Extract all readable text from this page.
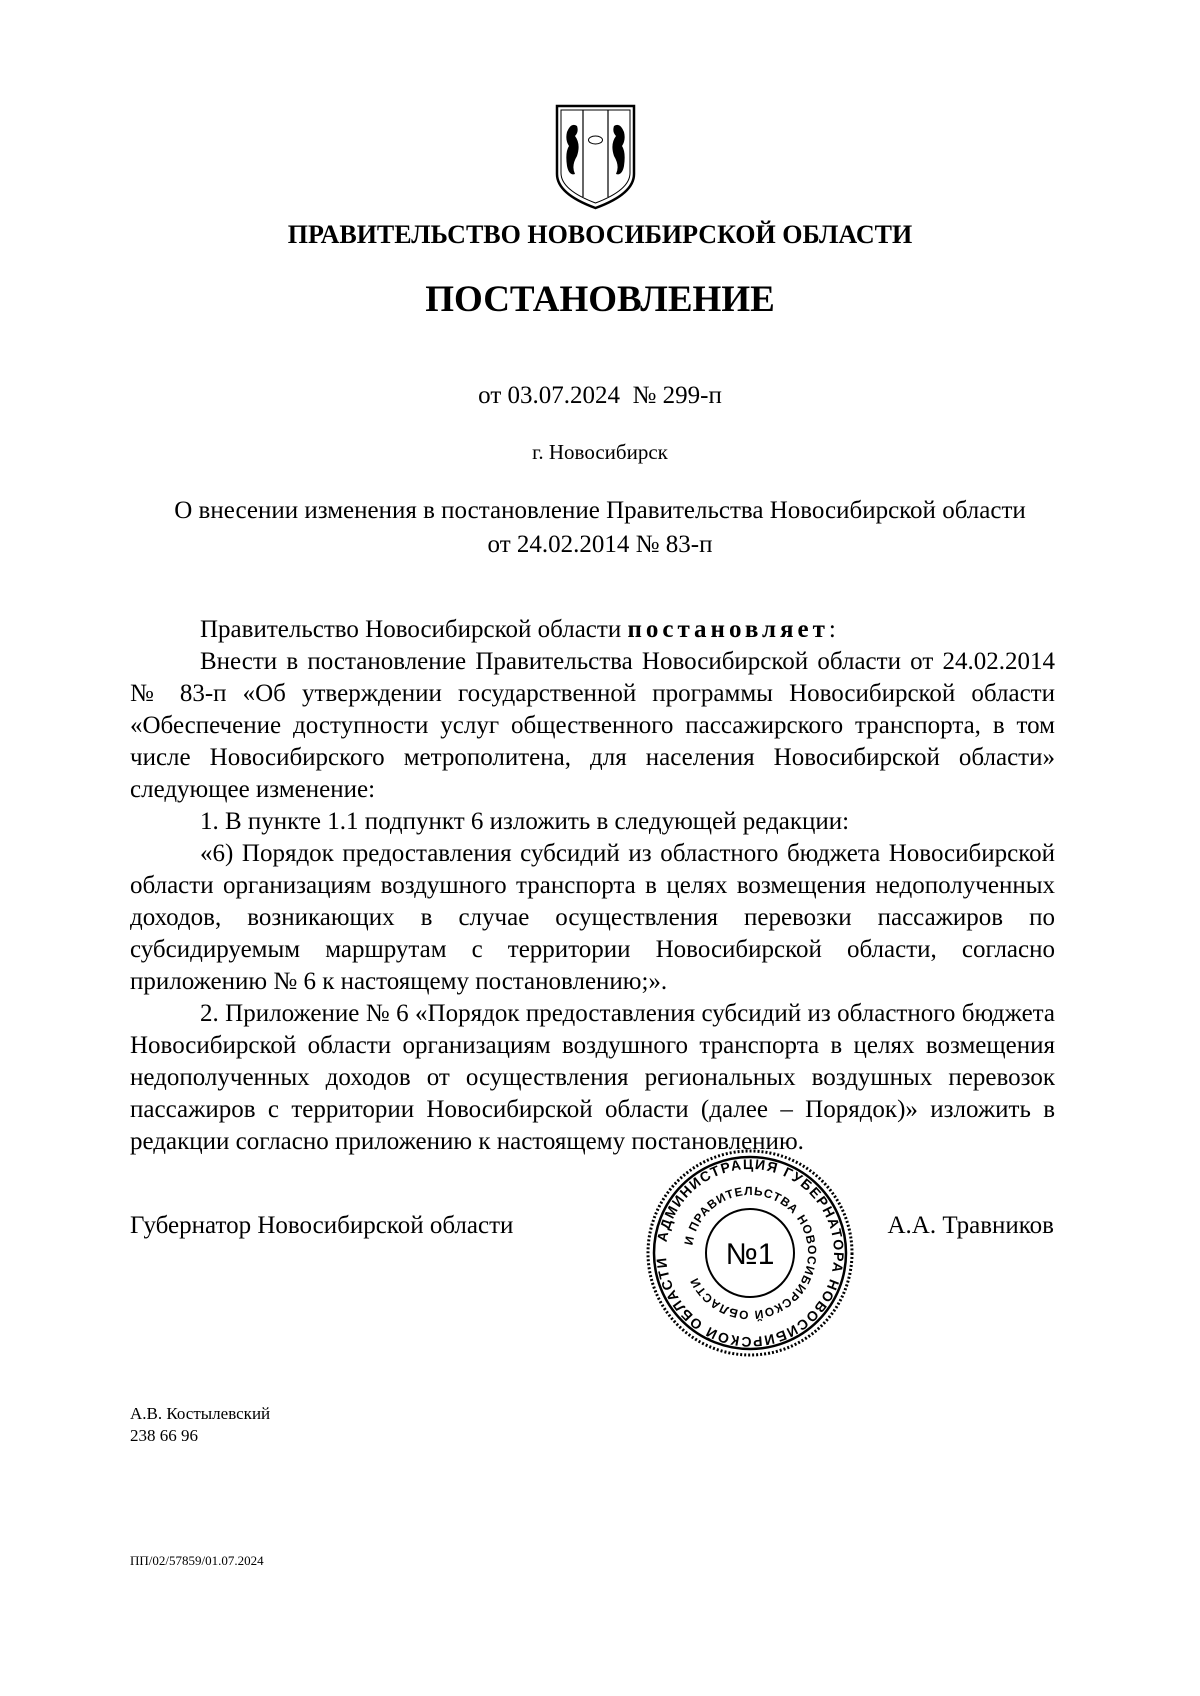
ПРАВИТЕЛЬСТВО НОВОСИБИРСКОЙ ОБЛАСТИ
ПОСТАНОВЛЕНИЕ
от 03.07.2024  № 299-п
г. Новосибирск
О внесении изменения в постановление Правительства Новосибирской области
от 24.02.2014 № 83-п

Правительство Новосибирской области постановляет:

Внести в постановление Правительства Новосибирской области от 24.02.2014 № 83-п «Об утверждении государственной программы Новосибирской области «Обеспечение доступности услуг общественного пассажирского транспорта, в том числе Новосибирского метрополитена, для населения Новосибирской области» следующее изменение:

1. В пункте 1.1 подпункт 6 изложить в следующей редакции:

«6) Порядок предоставления субсидий из областного бюджета Новосибирской области организациям воздушного транспорта в целях возмещения недополученных доходов, возникающих в случае осуществления перевозки пассажиров по субсидируемым маршрутам с территории Новосибирской области, согласно приложению № 6 к настоящему постановлению;».

2. Приложение № 6 «Порядок предоставления субсидий из областного бюджета Новосибирской области организациям воздушного транспорта в целях возмещения недополученных доходов от осуществления региональных воздушных перевозок пассажиров с территории Новосибирской области (далее – Порядок)» изложить в редакции согласно приложению к настоящему постановлению.

Губернатор Новосибирской области	АДМИНИСТРАЦИЯ ГУБЕРНАТОРА НОВОСИБИРСКОЙ ОБЛАСТИ
И ПРАВИТЕЛЬСТВА НОВОСИБИРСКОЙ ОБЛАСТИ
№1
А.А. Травников
А.В. Костылевский
238 66 96
ПП/02/57859/01.07.2024
